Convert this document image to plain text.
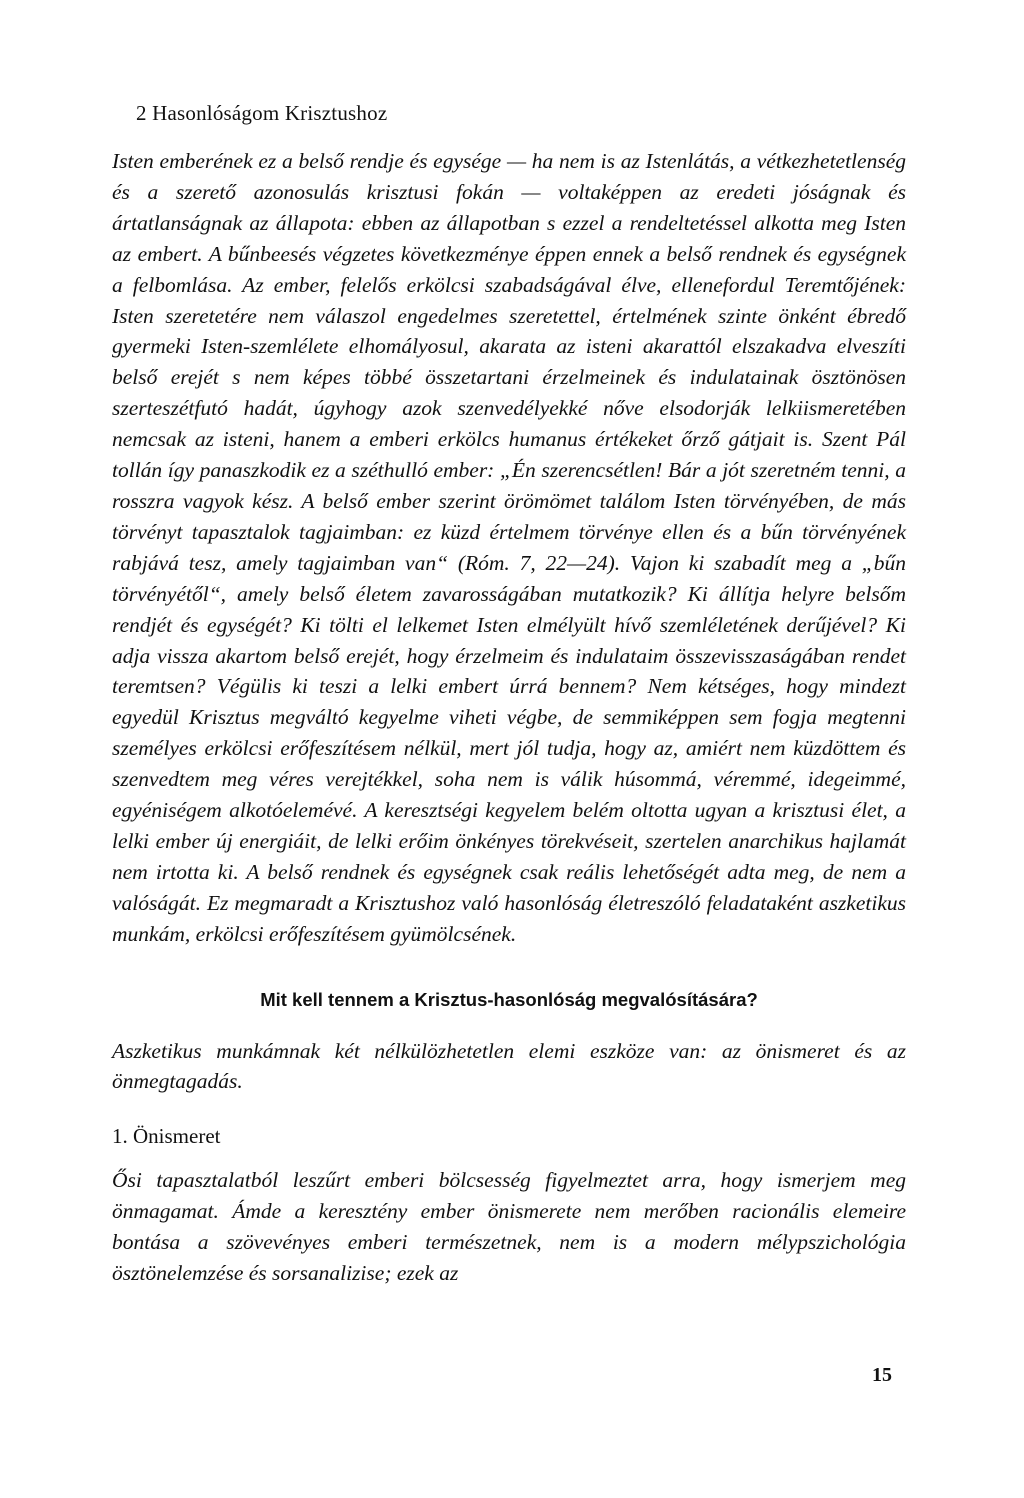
2 Hasonlóságom Krisztushoz

Isten emberének ez a belső rendje és egysége — ha nem is az Istenlátás, a vétkezhetetlenség és a szerető azonosulás krisztusi fokán — voltaképpen az eredeti jóságnak és ártatlanságnak az állapota: ebben az állapotban s ezzel a rendeltetéssel alkotta meg Isten az embert. A bűnbeesés végzetes következménye éppen ennek a belső rendnek és egységnek a felbomlása. Az ember, felelős erkölcsi szabadságával élve, ellenefordul Teremtőjének: Isten szeretetére nem válaszol engedelmes szeretettel, értelmének szinte önként ébredő gyermeki Isten-szemlélete elhomályosul, akarata az isteni akarattól elszakadva elveszíti belső erejét s nem képes többé összetartani érzelmeinek és indulatainak ösztönösen szerteszétfutó hadát, úgyhogy azok szenvedélyekké nőve elsodorják lelkiismeretében nemcsak az isteni, hanem a emberi erkölcs humanus értékeket őrző gátjait is. Szent Pál tollán így panaszkodik ez a széthulló ember: „Én szerencsétlen! Bár a jót szeretném tenni, a rosszra vagyok kész. A belső ember szerint örömömet találom Isten törvényében, de más törvényt tapasztalok tagjaimban: ez küzd értelmem törvénye ellen és a bűn törvényének rabjává tesz, amely tagjaimban van“ (Róm. 7, 22—24). Vajon ki szabadít meg a „bűn törvényétől“, amely belső életem zavarosságában mutatkozik? Ki állítja helyre belsőm rendjét és egységét? Ki tölti el lelkemet Isten elmélyült hívő szemléletének derűjével? Ki adja vissza akartom belső erejét, hogy érzelmeim és indulataim összevisszaságában rendet teremtsen? Végülis ki teszi a lelki embert úrrá bennem? Nem kétséges, hogy mindezt egyedül Krisztus megváltó kegyelme viheti végbe, de semmiképpen sem fogja megtenni személyes erkölcsi erőfeszítésem nélkül, mert jól tudja, hogy az, amiért nem küzdöttem és szenvedtem meg véres verejtékkel, soha nem is válik húsommá, véremmé, idegeimmé, egyéniségem alkotóelemévé. A keresztségi kegyelem belém oltotta ugyan a krisztusi élet, a lelki ember új energiáit, de lelki erőim önkényes törekvéseit, szertelen anarchikus hajlamát nem irtotta ki. A belső rendnek és egységnek csak reális lehetőségét adta meg, de nem a valóságát. Ez megmaradt a Krisztushoz való hasonlóság életreszóló feladataként aszketikus munkám, erkölcsi erőfeszítésem gyümölcsének.

Mit kell tennem a Krisztus-hasonlóság megvalósítására?

Aszketikus munkámnak két nélkülözhetetlen elemi eszköze van: az önismeret és az önmegtagadás.

1. Önismeret

Ősi tapasztalatból leszűrt emberi bölcsesség figyelmeztet arra, hogy ismerjem meg önmagamat. Ámde a keresztény ember önismerete nem merőben racionális elemeire bontása a szövevényes emberi természetnek, nem is a modern mélypszichológia ösztönelemzése és sorsanalizise; ezek az

15
